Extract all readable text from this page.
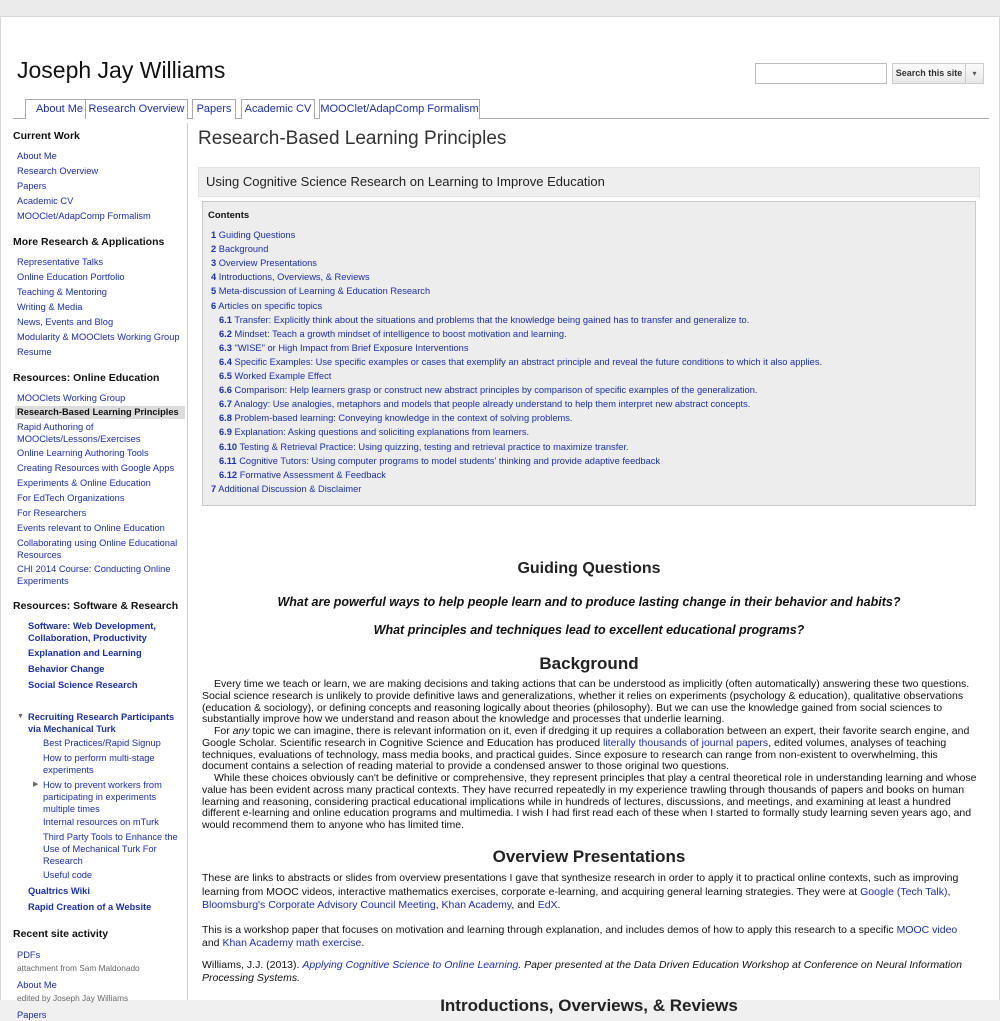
Joseph Jay Williams	Search this site	▾
About Me Research Overview	Papers	Academic CV MOOClet/AdapComp Formalism
Current Work
About Me
Research Overview
Papers
Academic CV
MOOClet/AdapComp Formalism
More Research & Applications
Representative Talks
Online Education Portfolio
Teaching & Mentoring
Writing & Media
News, Events and Blog
Modularity & MOOClets Working Group
Resume
Resources: Online Education
MOOClets Working Group
Research-Based Learning Principles
Rapid Authoring of MOOClets/Lessons/Exercises
Online Learning Authoring Tools
Creating Resources with Google Apps
Experiments & Online Education
For EdTech Organizations
For Researchers
Events relevant to Online Education
Collaborating using Online Educational Resources
CHI 2014 Course: Conducting Online Experiments
Resources: Software & Research
Software: Web Development, Collaboration, Productivity
Explanation and Learning
Behavior Change
Social Science Research
▼ Recruiting Research Participants via Mechanical Turk
Best Practices/Rapid Signup
How to perform multi-stage experiments
▶ How to prevent workers from participating in experiments multiple times
Internal resources on mTurk
Third Party Tools to Enhance the Use of Mechanical Turk For Research
Useful code
Qualtrics Wiki
Rapid Creation of a Website
Recent site activity
PDFs
attachment from Sam Maldonado
About Me
edited by Joseph Jay Williams
Papers
Research-Based Learning Principles
Using Cognitive Science Research on Learning to Improve Education
Contents
1 Guiding Questions
2 Background
3 Overview Presentations
4 Introductions, Overviews, & Reviews
5 Meta-discussion of Learning & Education Research
6 Articles on specific topics
6.1 Transfer: Explicitly think about the situations and problems that the knowledge being gained has to transfer and generalize to.
6.2 Mindset: Teach a growth mindset of intelligence to boost motivation and learning.
6.3 "WISE" or High Impact from Brief Exposure Interventions
6.4 Specific Examples: Use specific examples or cases that exemplify an abstract principle and reveal the future conditions to which it also applies.
6.5 Worked Example Effect
6.6 Comparison: Help learners grasp or construct new abstract principles by comparison of specific examples of the generalization.
6.7 Analogy: Use analogies, metaphors and models that people already understand to help them interpret new abstract concepts.
6.8 Problem-based learning: Conveying knowledge in the context of solving problems.
6.9 Explanation: Asking questions and soliciting explanations from learners.
6.10 Testing & Retrieval Practice: Using quizzing, testing and retrieval practice to maximize transfer.
6.11 Cognitive Tutors: Using computer programs to model students' thinking and provide adaptive feedback
6.12 Formative Assessment & Feedback
7 Additional Discussion & Disclaimer
Guiding Questions
What are powerful ways to help people learn and to produce lasting change in their behavior and habits?
What principles and techniques lead to excellent educational programs?
Background
Every time we teach or learn, we are making decisions and taking actions that can be understood as implicitly (often automatically) answering these two questions. Social science research is unlikely to provide definitive laws and generalizations, whether it relies on experiments (psychology & education), qualitative observations (education & sociology), or defining concepts and reasoning logically about theories (philosophy). But we can use the knowledge gained from social sciences to substantially improve how we understand and reason about the knowledge and processes that underlie learning.
For any topic we can imagine, there is relevant information on it, even if dredging it up requires a collaboration between an expert, their favorite search engine, and Google Scholar. Scientific research in Cognitive Science and Education has produced literally thousands of journal papers, edited volumes, analyses of teaching techniques, evaluations of technology, mass media books, and practical guides. Since exposure to research can range from non-existent to overwhelming, this document contains a selection of reading material to provide a condensed answer to those original two questions.
While these choices obviously can't be definitive or comprehensive, they represent principles that play a central theoretical role in understanding learning and whose value has been evident across many practical contexts. They have recurred repeatedly in my experience trawling through thousands of papers and books on human learning and reasoning, considering practical educational implications while in hundreds of lectures, discussions, and meetings, and examining at least a hundred different e-learning and online education programs and multimedia. I wish I had first read each of these when I started to formally study learning seven years ago, and would recommend them to anyone who has limited time.
Overview Presentations
These are links to abstracts or slides from overview presentations I gave that synthesize research in order to apply it to practical online contexts, such as improving learning from MOOC videos, interactive mathematics exercises, corporate e-learning, and acquiring general learning strategies. They were at Google (Tech Talk), Bloomsburg's Corporate Advisory Council Meeting, Khan Academy, and EdX.
This is a workshop paper that focuses on motivation and learning through explanation, and includes demos of how to apply this research to a specific MOOC video and Khan Academy math exercise.
Williams, J.J. (2013). Applying Cognitive Science to Online Learning. Paper presented at the Data Driven Education Workshop at Conference on Neural Information Processing Systems.
Introductions, Overviews, & Reviews
